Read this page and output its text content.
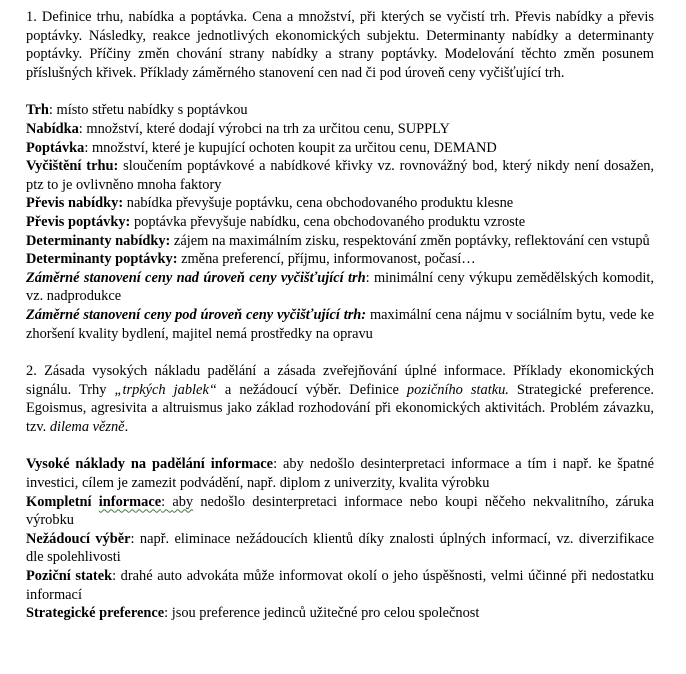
1. Definice trhu, nabídka a poptávka. Cena a množství, při kterých se vyčistí trh. Převis nabídky a převis poptávky. Následky, reakce jednotlivých ekonomických subjektu. Determinanty nabídky a determinanty poptávky. Příčiny změn chování strany nabídky a strany poptávky. Modelování těchto změn posunem příslušných křivek. Příklady záměrného stanovení cen nad či pod úroveň ceny vyčišťující trh.

Trh: místo střetu nabídky s poptávkou

Nabídka: množství, které dodají výrobci na trh za určitou cenu, SUPPLY

Poptávka: množství, které je kupující ochoten koupit za určitou cenu, DEMAND

Vyčištění trhu: sloučením poptávkové a nabídkové křivky vz. rovnovážný bod, který nikdy není dosažen, ptz to je ovlivněno mnoha faktory

Převis nabídky: nabídka převyšuje poptávku, cena obchodovaného produktu klesne

Převis poptávky: poptávka převyšuje nabídku, cena obchodovaného produktu vzroste

Determinanty nabídky: zájem na maximálním zisku, respektování změn poptávky, reflektování cen vstupů

Determinanty poptávky: změna preferencí, příjmu, informovanost, počasí…

Záměrné stanovení ceny nad úroveň ceny vyčišťující trh: minimální ceny výkupu zemědělských komodit, vz. nadprodukce

Záměrné stanovení ceny pod úroveň ceny vyčišťující trh: maximální cena nájmu v sociálním bytu, vede ke zhoršení kvality bydlení, majitel nemá prostředky na opravu

2. Zásada vysokých nákladu padělání a zásada zveřejňování úplné informace. Příklady ekonomických signálu. Trhy „trpkých jablek“ a nežádoucí výběr. Definice pozičního statku. Strategické preference. Egoismus, agresivita a altruismus jako základ rozhodování při ekonomických aktivitách. Problém závazku, tzv. dilema vězně.

Vysoké náklady na padělání informace: aby nedošlo desinterpretaci informace a tím i např. ke špatné investici, cílem je zamezit podvádění, např. diplom z univerzity, kvalita výrobku

Kompletní informace: aby nedošlo desinterpretaci informace nebo koupi něčeho nekvalitního, záruka výrobku

Nežádoucí výběr: např. eliminace nežádoucích klientů díky znalosti úplných informací, vz. diverzifikace dle spolehlivosti

Poziční statek: drahé auto advokáta může informovat okolí o jeho úspěšnosti, velmi účinné při nedostatku informací

Strategické preference: jsou preference jedinců užitečné pro celou společnost
